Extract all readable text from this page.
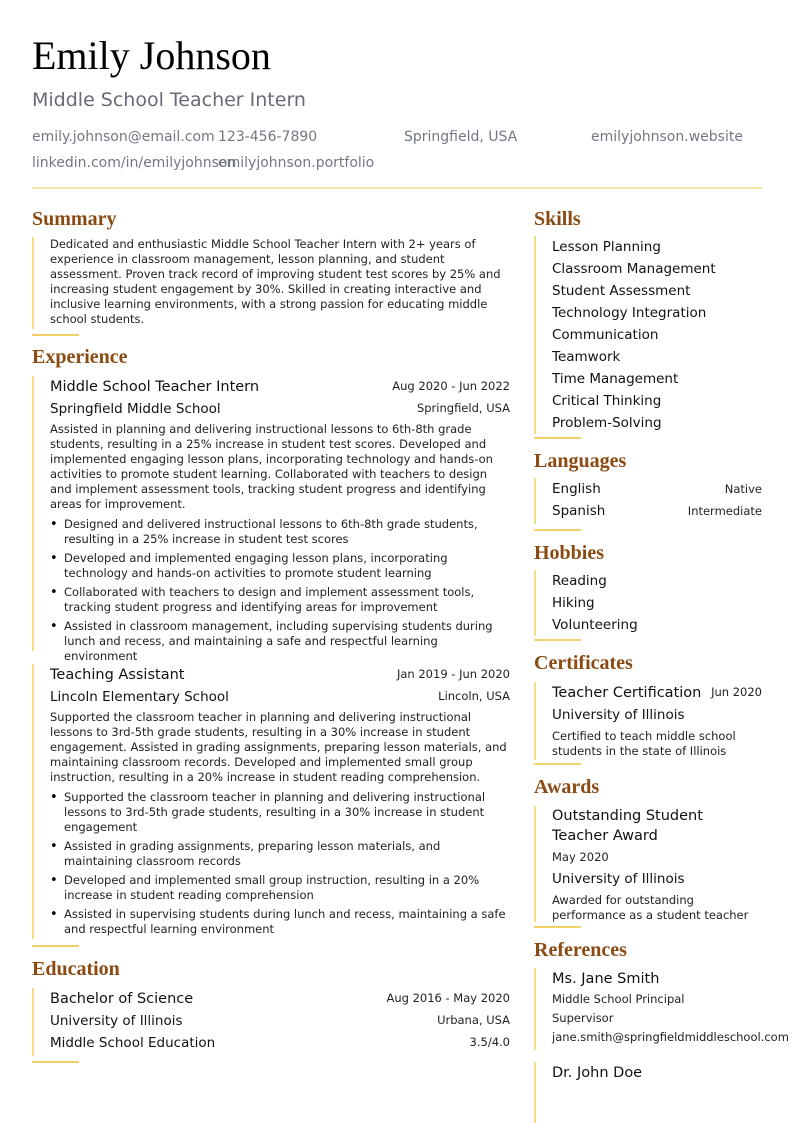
Emily Johnson
Middle School Teacher Intern
emily.johnson@email.com 123-456-7890	Springfield, USA	emilyjohnson.website
linkedin.com/in/emilyjohnson
emilyjohnson.portfolio
Summary
Dedicated and enthusiastic Middle School Teacher Intern with 2+ years of experience in classroom management, lesson planning, and student assessment. Proven track record of improving student test scores by 25% and increasing student engagement by 30%. Skilled in creating interactive and inclusive learning environments, with a strong passion for educating middle school students.
Experience
Middle School Teacher Intern	Aug 2020 - Jun 2022
Springfield Middle School	Springfield, USA
Assisted in planning and delivering instructional lessons to 6th-8th grade students, resulting in a 25% increase in student test scores. Developed and implemented engaging lesson plans, incorporating technology and hands-on activities to promote student learning. Collaborated with teachers to design and implement assessment tools, tracking student progress and identifying areas for improvement.
• Designed and delivered instructional lessons to 6th-8th grade students, resulting in a 25% increase in student test scores
• Developed and implemented engaging lesson plans, incorporating technology and hands-on activities to promote student learning
• Collaborated with teachers to design and implement assessment tools, tracking student progress and identifying areas for improvement
• Assisted in classroom management, including supervising students during lunch and recess, and maintaining a safe and respectful learning environment
Teaching Assistant	Jan 2019 - Jun 2020
Lincoln Elementary School	Lincoln, USA
Supported the classroom teacher in planning and delivering instructional lessons to 3rd-5th grade students, resulting in a 30% increase in student engagement. Assisted in grading assignments, preparing lesson materials, and maintaining classroom records. Developed and implemented small group instruction, resulting in a 20% increase in student reading comprehension.
• Supported the classroom teacher in planning and delivering instructional lessons to 3rd-5th grade students, resulting in a 30% increase in student engagement
• Assisted in grading assignments, preparing lesson materials, and maintaining classroom records
• Developed and implemented small group instruction, resulting in a 20% increase in student reading comprehension
• Assisted in supervising students during lunch and recess, maintaining a safe and respectful learning environment
Education
Bachelor of Science	Aug 2016 - May 2020
University of Illinois	Urbana, USA
Middle School Education	3.5/4.0
Skills
Lesson Planning
Classroom Management
Student Assessment
Technology Integration
Communication
Teamwork
Time Management
Critical Thinking
Problem-Solving
Languages
English	Native
Spanish	Intermediate
Hobbies
Reading
Hiking
Volunteering
Certificates
Teacher Certification Jun 2020
University of Illinois
Certified to teach middle school students in the state of Illinois
Awards
Outstanding Student Teacher Award
May 2020
University of Illinois
Awarded for outstanding performance as a student teacher
References
Ms. Jane Smith
Middle School Principal
Supervisor
jane.smith@springfieldmiddleschool.com
Dr. John Doe
